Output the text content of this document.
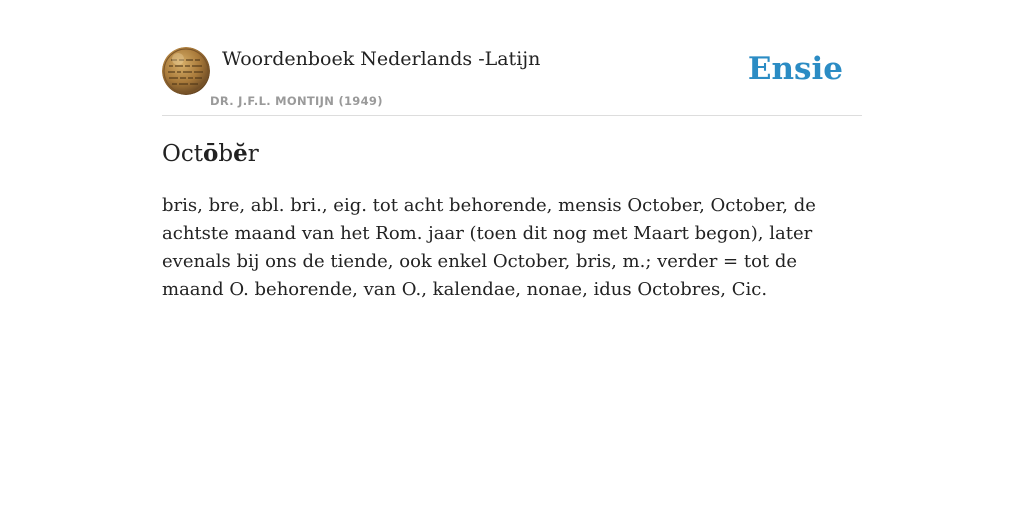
Woordenboek Nederlands -Latijn
DR. J.F.L. MONTIJN (1949)
Ensie
Octōbĕr

bris, bre, abl. bri., eig. tot acht behorende, mensis October, October, de achtste maand van het Rom. jaar (toen dit nog met Maart begon), later evenals bij ons de tiende, ook enkel October, bris, m.; verder = tot de maand O. behorende, van O., kalendae, nonae, idus Octobres, Cic.
